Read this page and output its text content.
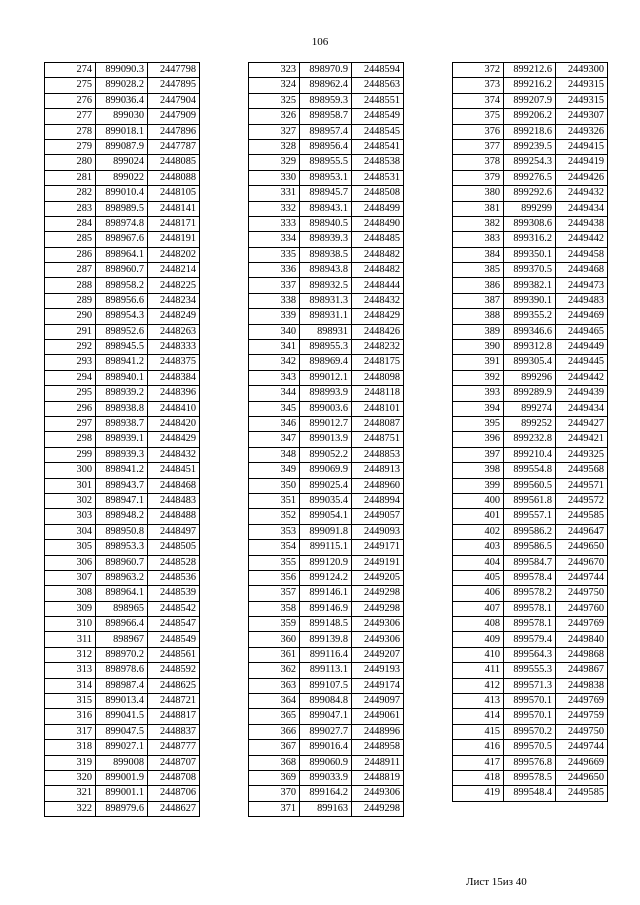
106
274	899090.3	2447798
275	899028.2	2447895
276	899036.4	2447904
277	899030	2447909
278	899018.1	2447896
279	899087.9	2447787
280	899024	2448085
281	899022	2448088
282	899010.4	2448105
283	898989.5	2448141
284	898974.8	2448171
285	898967.6	2448191
286	898964.1	2448202
287	898960.7	2448214
288	898958.2	2448225
289	898956.6	2448234
290	898954.3	2448249
291	898952.6	2448263
292	898945.5	2448333
293	898941.2	2448375
294	898940.1	2448384
295	898939.2	2448396
296	898938.8	2448410
297	898938.7	2448420
298	898939.1	2448429
299	898939.3	2448432
300	898941.2	2448451
301	898943.7	2448468
302	898947.1	2448483
303	898948.2	2448488
304	898950.8	2448497
305	898953.3	2448505
306	898960.7	2448528
307	898963.2	2448536
308	898964.1	2448539
309	898965	2448542
310	898966.4	2448547
311	898967	2448549
312	898970.2	2448561
313	898978.6	2448592
314	898987.4	2448625
315	899013.4	2448721
316	899041.5	2448817
317	899047.5	2448837
318	899027.1	2448777
319	899008	2448707
320	899001.9	2448708
321	899001.1	2448706
322	898979.6	2448627
323	898970.9	2448594
324	898962.4	2448563
325	898959.3	2448551
326	898958.7	2448549
327	898957.4	2448545
328	898956.4	2448541
329	898955.5	2448538
330	898953.1	2448531
331	898945.7	2448508
332	898943.1	2448499
333	898940.5	2448490
334	898939.3	2448485
335	898938.5	2448482
336	898943.8	2448482
337	898932.5	2448444
338	898931.3	2448432
339	898931.1	2448429
340	898931	2448426
341	898955.3	2448232
342	898969.4	2448175
343	899012.1	2448098
344	898993.9	2448118
345	899003.6	2448101
346	899012.7	2448087
347	899013.9	2448751
348	899052.2	2448853
349	899069.9	2448913
350	899025.4	2448960
351	899035.4	2448994
352	899054.1	2449057
353	899091.8	2449093
354	899115.1	2449171
355	899120.9	2449191
356	899124.2	2449205
357	899146.1	2449298
358	899146.9	2449298
359	899148.5	2449306
360	899139.8	2449306
361	899116.4	2449207
362	899113.1	2449193
363	899107.5	2449174
364	899084.8	2449097
365	899047.1	2449061
366	899027.7	2448996
367	899016.4	2448958
368	899060.9	2448911
369	899033.9	2448819
370	899164.2	2449306
371	899163	2449298
372	899212.6	2449300
373	899216.2	2449315
374	899207.9	2449315
375	899206.2	2449307
376	899218.6	2449326
377	899239.5	2449415
378	899254.3	2449419
379	899276.5	2449426
380	899292.6	2449432
381	899299	2449434
382	899308.6	2449438
383	899316.2	2449442
384	899350.1	2449458
385	899370.5	2449468
386	899382.1	2449473
387	899390.1	2449483
388	899355.2	2449469
389	899346.6	2449465
390	899312.8	2449449
391	899305.4	2449445
392	899296	2449442
393	899289.9	2449439
394	899274	2449434
395	899252	2449427
396	899232.8	2449421
397	899210.4	2449325
398	899554.8	2449568
399	899560.5	2449571
400	899561.8	2449572
401	899557.1	2449585
402	899586.2	2449647
403	899586.5	2449650
404	899584.7	2449670
405	899578.4	2449744
406	899578.2	2449750
407	899578.1	2449760
408	899578.1	2449769
409	899579.4	2449840
410	899564.3	2449868
411	899555.3	2449867
412	899571.3	2449838
413	899570.1	2449769
414	899570.1	2449759
415	899570.2	2449750
416	899570.5	2449744
417	899576.8	2449669
418	899578.5	2449650
419	899548.4	2449585
Лист 15из 40
